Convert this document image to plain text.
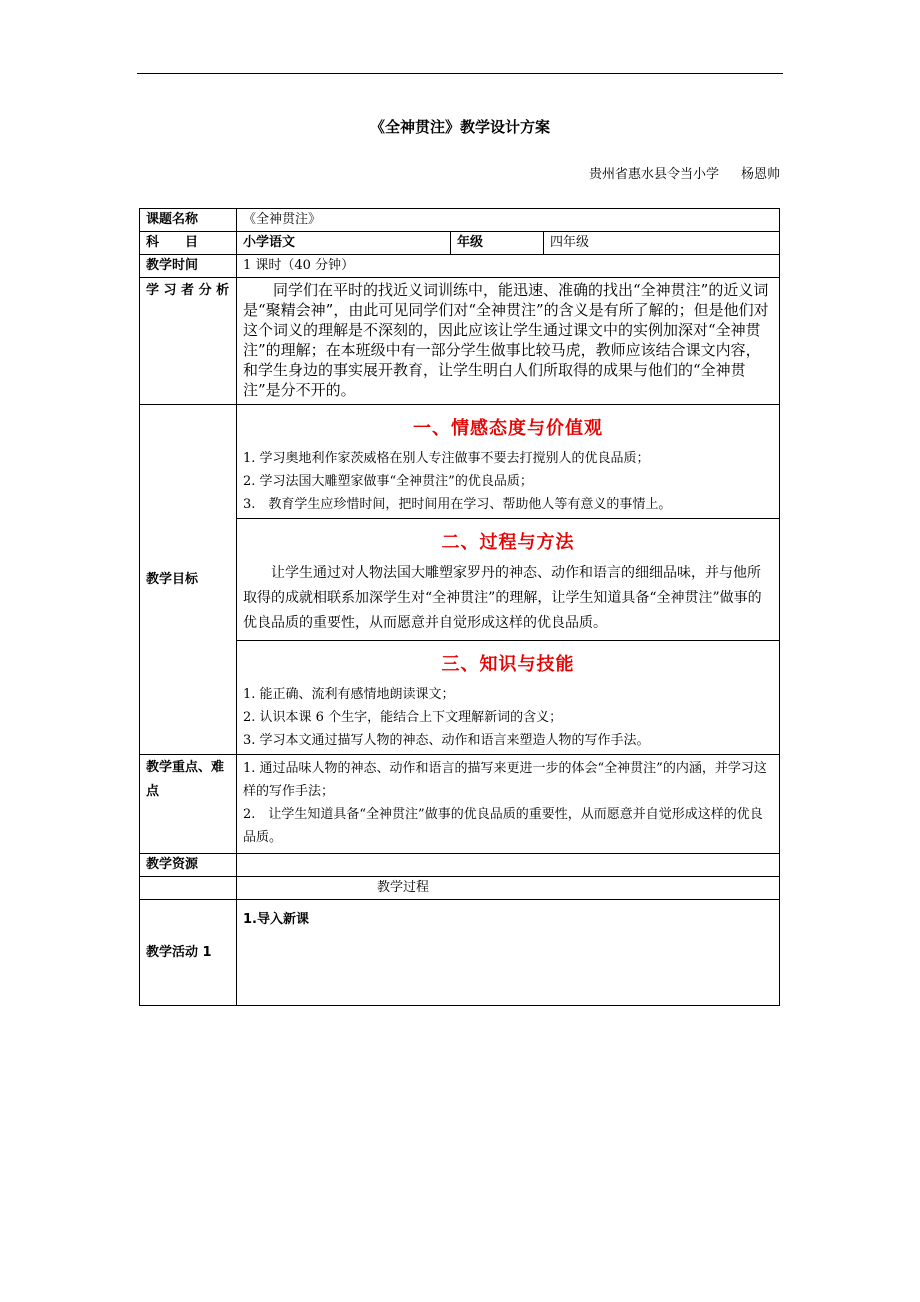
《全神贯注》教学设计方案
贵州省惠水县令当小学 杨恩帅
课题名称	《全神贯注》		
科　　目	小学语文	年级	四年级
教学时间	1 课时（40 分钟）		
学 习 者 分 析	同学们在平时的找近义词训练中，能迅速、准确的找出“全神贯注”的近义词是“聚精会神”，由此可见同学们对“全神贯注”的含义是有所了解的；但是他们对这个词义的理解是不深刻的，因此应该让学生通过课文中的实例加深对“全神贯注”的理解；在本班级中有一部分学生做事比较马虎，教师应该结合课文内容，和学生身边的事实展开教育，让学生明白人们所取得的成果与他们的“全神贯注”是分不开的。		
教学目标	一、情感态度与价值观
1. 学习奥地利作家茨威格在别人专注做事不要去打搅别人的优良品质；
2. 学习法国大雕塑家做事“全神贯注”的优良品质；
3.　教育学生应珍惜时间，把时间用在学习、帮助他人等有意义的事情上。		

	二、过程与方法
让学生通过对人物法国大雕塑家罗丹的神态、动作和语言的细细品味，并与他所取得的成就相联系加深学生对“全神贯注”的理解，让学生知道具备“全神贯注”做事的优良品质的重要性，从而愿意并自觉形成这样的优良品质。		

	三、知识与技能
1. 能正确、流利有感情地朗读课文；
2. 认识本课 6 个生字，能结合上下文理解新词的含义；
3. 学习本文通过描写人物的神态、动作和语言来塑造人物的写作手法。		

教学重点、难点	1. 通过品味人物的神态、动作和语言的描写来更进一步的体会“全神贯注”的内涵，并学习这样的写作手法；
2.　让学生知道具备“全神贯注”做事的优良品质的重要性，从而愿意并自觉形成这样的优良品质。		

教学资源			
	教学过程		
教学活动 1	1.导入新课		
